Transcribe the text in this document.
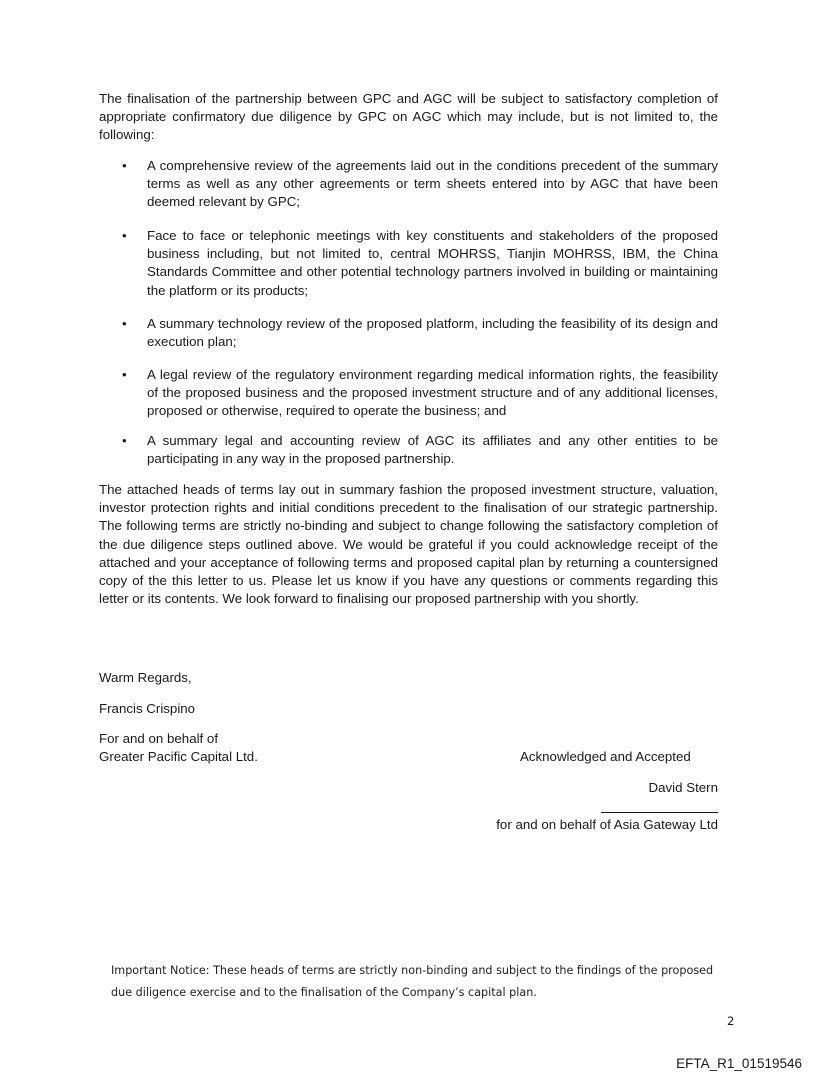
The finalisation of the partnership between GPC and AGC will be subject to satisfactory completion of appropriate confirmatory due diligence by GPC on AGC which may include, but is not limited to, the following:
• A comprehensive review of the agreements laid out in the conditions precedent of the summary terms as well as any other agreements or term sheets entered into by AGC that have been deemed relevant by GPC;
• Face to face or telephonic meetings with key constituents and stakeholders of the proposed business including, but not limited to, central MOHRSS, Tianjin MOHRSS, IBM, the China Standards Committee and other potential technology partners involved in building or maintaining the platform or its products;
• A summary technology review of the proposed platform, including the feasibility of its design and execution plan;
• A legal review of the regulatory environment regarding medical information rights, the feasibility of the proposed business and the proposed investment structure and of any additional licenses, proposed or otherwise, required to operate the business; and
• A summary legal and accounting review of AGC its affiliates and any other entities to be participating in any way in the proposed partnership.
The attached heads of terms lay out in summary fashion the proposed investment structure, valuation, investor protection rights and initial conditions precedent to the finalisation of our strategic partnership. The following terms are strictly no-binding and subject to change following the satisfactory completion of the due diligence steps outlined above. We would be grateful if you could acknowledge receipt of the attached and your acceptance of following terms and proposed capital plan by returning a countersigned copy of the this letter to us. Please let us know if you have any questions or comments regarding this letter or its contents. We look forward to finalising our proposed partnership with you shortly.
Warm Regards,
Francis Crispino
For and on behalf of
Greater Pacific Capital Ltd.	Acknowledged and Accepted
David Stern
for and on behalf of Asia Gateway Ltd
Important Notice: These heads of terms are strictly non-binding and subject to the findings of the proposed due diligence exercise and to the finalisation of the Company’s capital plan.
2
EFTA_R1_01519546
